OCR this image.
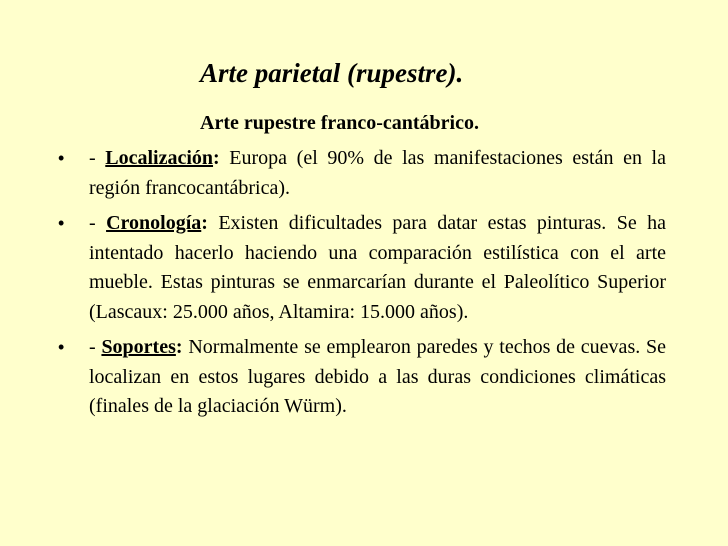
Arte parietal (rupestre).
Arte rupestre franco-cantábrico.
• - Localización: Europa (el 90% de las manifestaciones están en la región francocantábrica).
• - Cronología: Existen dificultades para datar estas pinturas. Se ha intentado hacerlo haciendo una comparación estilística con el arte mueble. Estas pinturas se enmarcarían durante el Paleolítico Superior (Lascaux: 25.000 años, Altamira: 15.000 años).
• - Soportes: Normalmente se emplearon paredes y techos de cuevas. Se localizan en estos lugares debido a las duras condiciones climáticas (finales de la glaciación Würm).
